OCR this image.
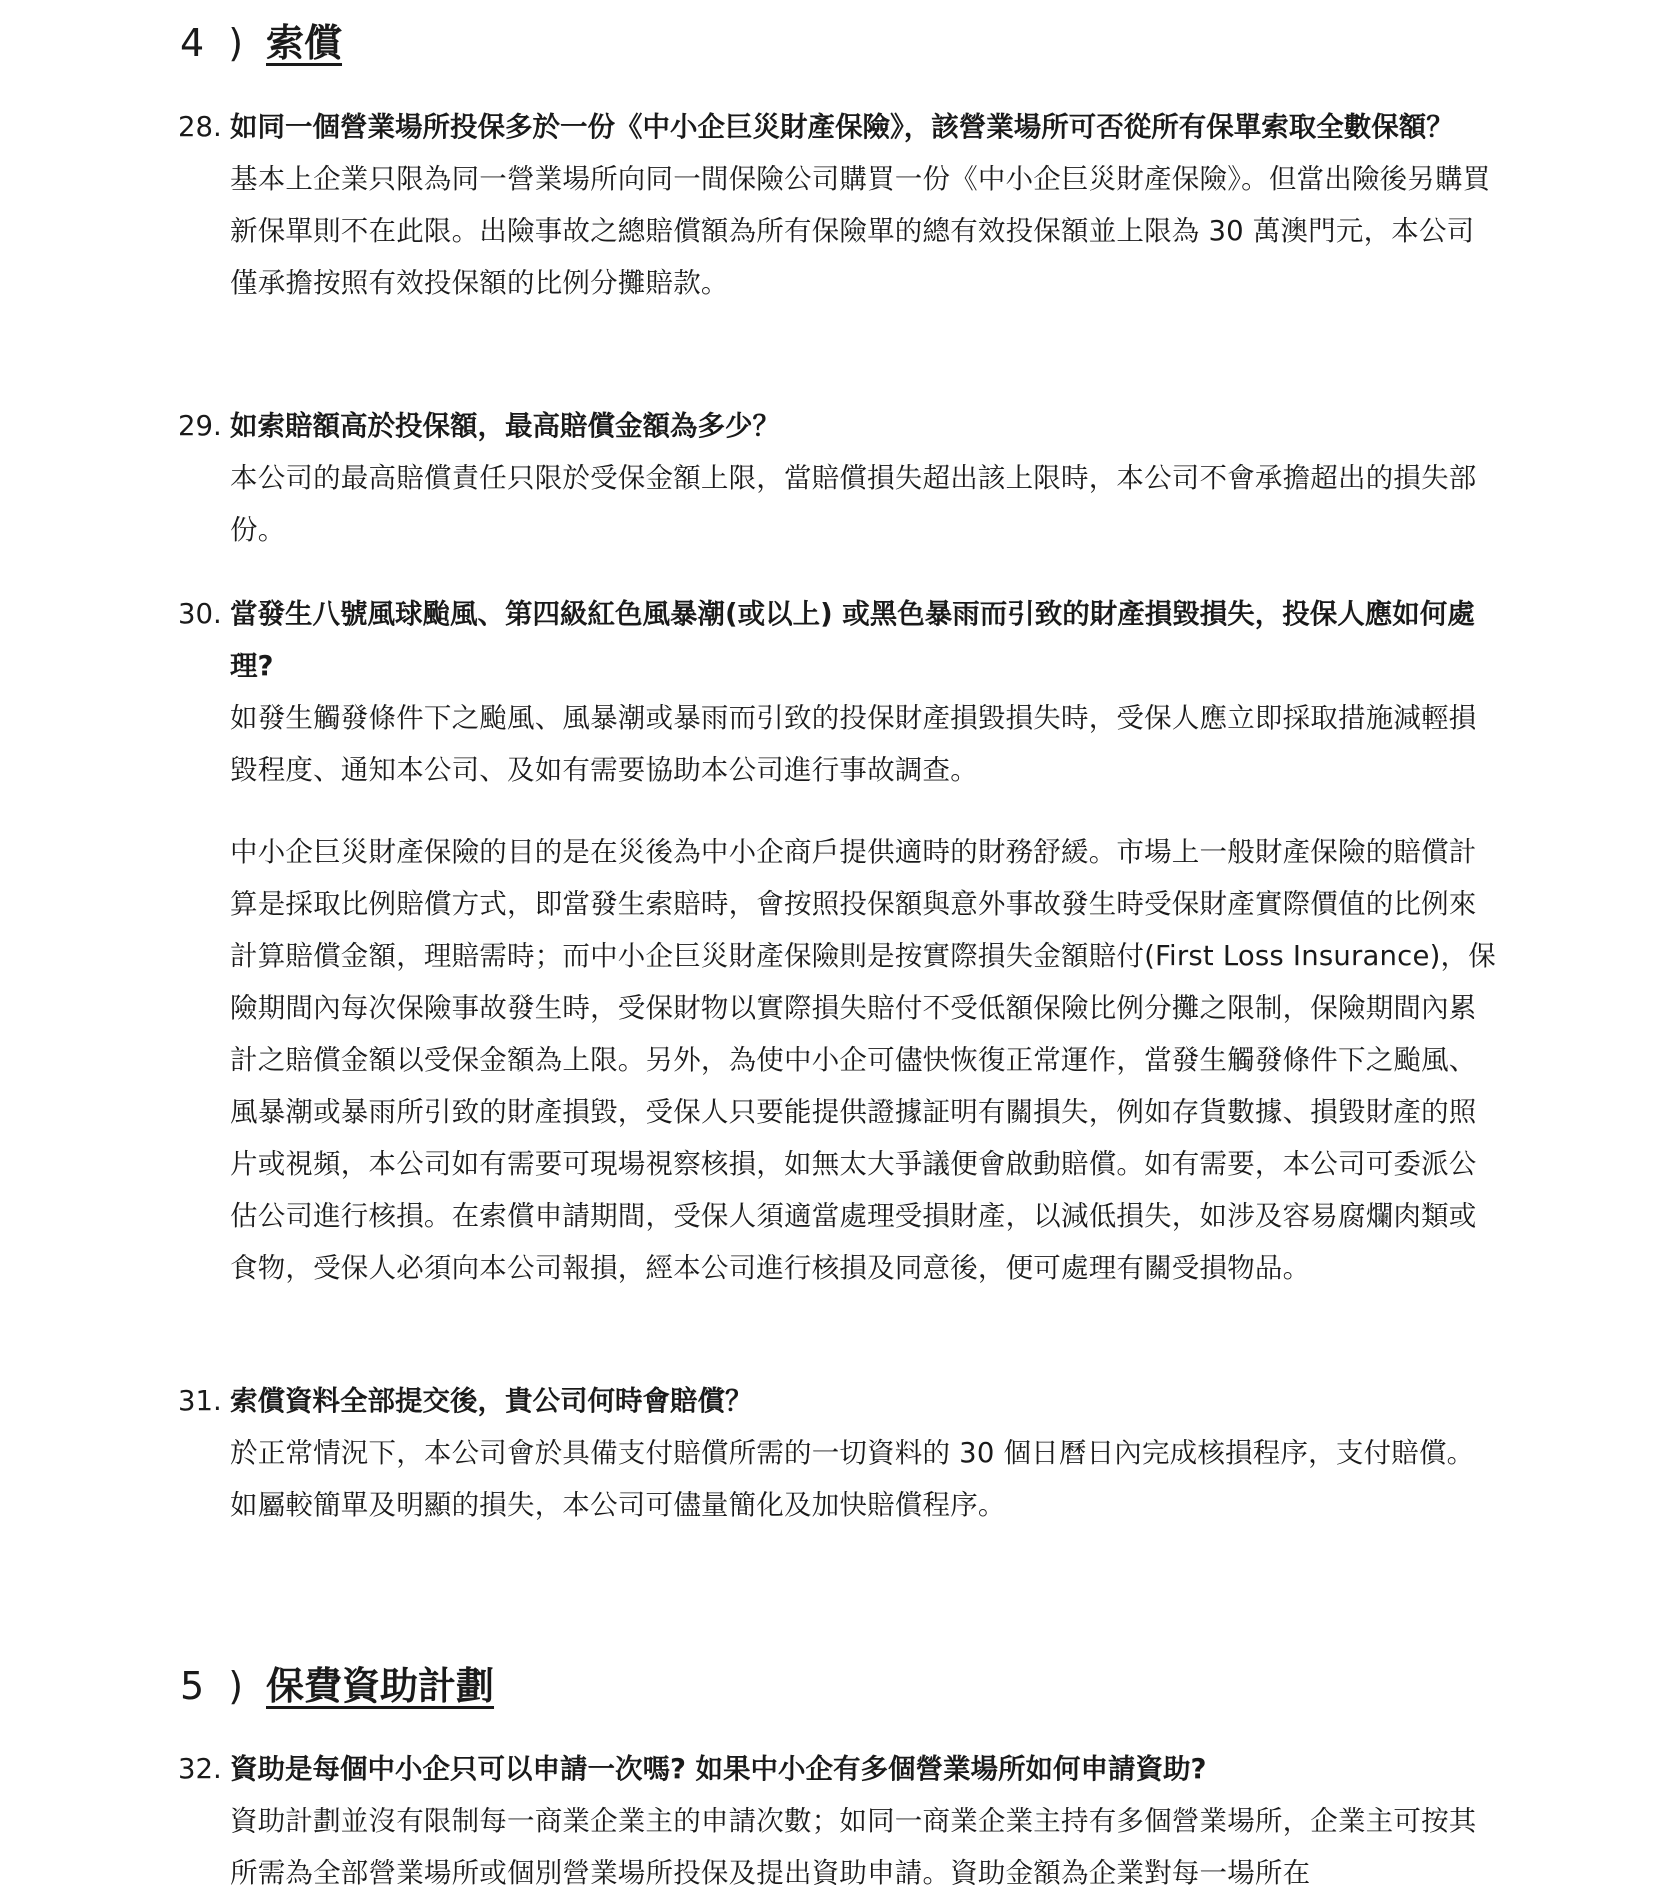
4 ) 索償
28. 如同一個營業場所投保多於一份《中小企巨災財產保險》，該營業場所可否從所有保單索取全數保額？
基本上企業只限為同一營業場所向同一間保險公司購買一份《中小企巨災財產保險》。但當出險後另購買新保單則不在此限。出險事故之總賠償額為所有保險單的總有效投保額並上限為 30 萬澳門元，本公司僅承擔按照有效投保額的比例分攤賠款。
29. 如索賠額高於投保額，最高賠償金額為多少？
本公司的最高賠償責任只限於受保金額上限，當賠償損失超出該上限時，本公司不會承擔超出的損失部份。
30. 當發生八號風球颱風、第四級紅色風暴潮(或以上) 或黑色暴雨而引致的財產損毀損失，投保人應如何處理?
如發生觸發條件下之颱風、風暴潮或暴雨而引致的投保財產損毀損失時，受保人應立即採取措施減輕損毀程度、通知本公司、及如有需要協助本公司進行事故調查。
中小企巨災財產保險的目的是在災後為中小企商戶提供適時的財務舒緩。市場上一般財產保險的賠償計算是採取比例賠償方式，即當發生索賠時，會按照投保額與意外事故發生時受保財產實際價值的比例來計算賠償金額，理賠需時；而中小企巨災財產保險則是按實際損失金額賠付(First Loss Insurance)，保險期間內每次保險事故發生時，受保財物以實際損失賠付不受低額保險比例分攤之限制，保險期間內累計之賠償金額以受保金額為上限。另外，為使中小企可儘快恢復正常運作，當發生觸發條件下之颱風、風暴潮或暴雨所引致的財產損毀，受保人只要能提供證據証明有關損失，例如存貨數據、損毀財產的照片或視頻，本公司如有需要可現場視察核損，如無太大爭議便會啟動賠償。如有需要，本公司可委派公估公司進行核損。在索償申請期間，受保人須適當處理受損財產，以減低損失，如涉及容易腐爛肉類或食物，受保人必須向本公司報損，經本公司進行核損及同意後，便可處理有關受損物品。
31. 索償資料全部提交後，貴公司何時會賠償？
於正常情況下，本公司會於具備支付賠償所需的一切資料的 30 個日曆日內完成核損程序，支付賠償。如屬較簡單及明顯的損失，本公司可儘量簡化及加快賠償程序。
5 ) 保費資助計劃
32. 資助是每個中小企只可以申請一次嗎? 如果中小企有多個營業場所如何申請資助?
資助計劃並沒有限制每一商業企業主的申請次數；如同一商業企業主持有多個營業場所，企業主可按其所需為全部營業場所或個別營業場所投保及提出資助申請。資助金額為企業對每一場所在
